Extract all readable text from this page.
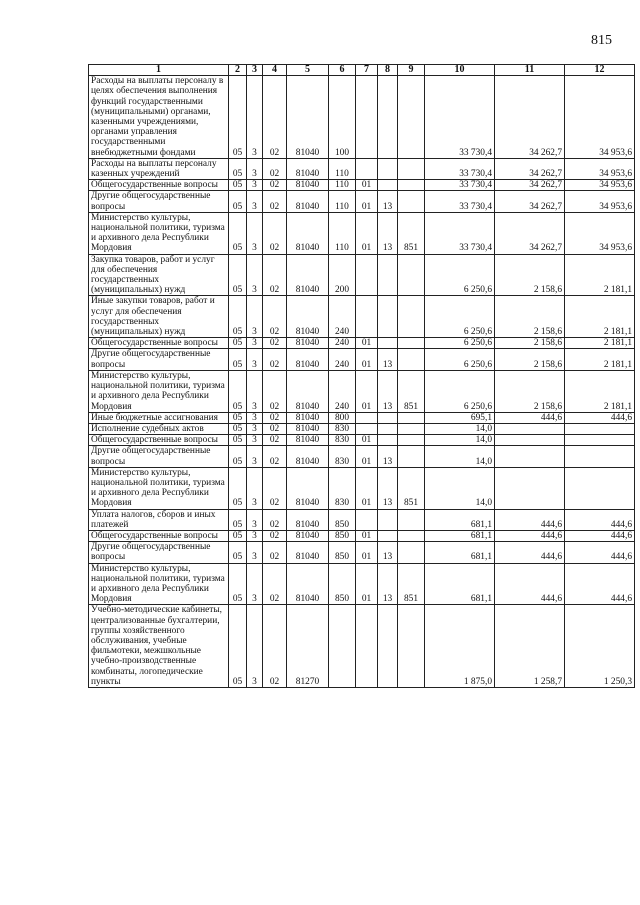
815
1	2	3	4	5	6	7	8	9	10	11	12
Расходы на выплаты персоналу в целях обеспечения выполнения функций государственными (муниципальными) органами, казенными учреждениями, органами управления государственными внебюджетными фондами	05	3	02	81040	100				33 730,4	34 262,7	34 953,6
Расходы на выплаты персоналу казенных учреждений	05	3	02	81040	110				33 730,4	34 262,7	34 953,6
Общегосударственные вопросы	05	3	02	81040	110	01			33 730,4	34 262,7	34 953,6
Другие общегосударственные вопросы	05	3	02	81040	110	01	13		33 730,4	34 262,7	34 953,6
Министерство культуры, национальной политики, туризма и архивного дела Республики Мордовия	05	3	02	81040	110	01	13	851	33 730,4	34 262,7	34 953,6
Закупка товаров, работ и услуг для обеспечения государственных (муниципальных) нужд	05	3	02	81040	200				6 250,6	2 158,6	2 181,1
Иные закупки товаров, работ и услуг для обеспечения государственных (муниципальных) нужд	05	3	02	81040	240				6 250,6	2 158,6	2 181,1
Общегосударственные вопросы	05	3	02	81040	240	01			6 250,6	2 158,6	2 181,1
Другие общегосударственные вопросы	05	3	02	81040	240	01	13		6 250,6	2 158,6	2 181,1
Министерство культуры, национальной политики, туризма и архивного дела Республики Мордовия	05	3	02	81040	240	01	13	851	6 250,6	2 158,6	2 181,1
Иные бюджетные ассигнования	05	3	02	81040	800				695,1	444,6	444,6
Исполнение судебных актов	05	3	02	81040	830				14,0		
Общегосударственные вопросы	05	3	02	81040	830	01			14,0		
Другие общегосударственные вопросы	05	3	02	81040	830	01	13		14,0		
Министерство культуры, национальной политики, туризма и архивного дела Республики Мордовия	05	3	02	81040	830	01	13	851	14,0		
Уплата налогов, сборов и иных платежей	05	3	02	81040	850				681,1	444,6	444,6
Общегосударственные вопросы	05	3	02	81040	850	01			681,1	444,6	444,6
Другие общегосударственные вопросы	05	3	02	81040	850	01	13		681,1	444,6	444,6
Министерство культуры, национальной политики, туризма и архивного дела Республики Мордовия	05	3	02	81040	850	01	13	851	681,1	444,6	444,6
Учебно-методические кабинеты, централизованные бухгалтерии, группы хозяйственного обслуживания, учебные фильмотеки, межшкольные учебно-производственные комбинаты, логопедические пункты	05	3	02	81270					1 875,0	1 258,7	1 250,3
